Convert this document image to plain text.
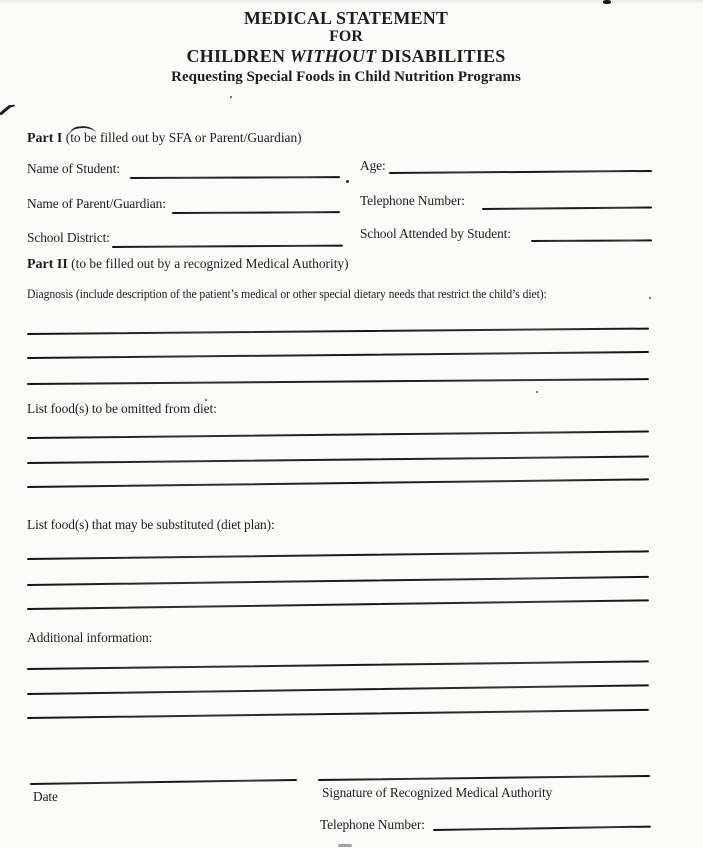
MEDICAL STATEMENT
FOR
CHILDREN WITHOUT DISABILITIES
Requesting Special Foods in Child Nutrition Programs
Part I (to be filled out by SFA or Parent/Guardian)
Name of Student:
Name of Parent/Guardian:
School District:
Age:
Telephone Number:
School Attended by Student:
Part II (to be filled out by a recognized Medical Authority)
Diagnosis (include description of the patient’s medical or other special dietary needs that restrict the child’s diet):
List food(s) to be omitted from diet:
List food(s) that may be substituted (diet plan):
Additional information:
Date	Signature of Recognized Medical Authority
Telephone Number:
